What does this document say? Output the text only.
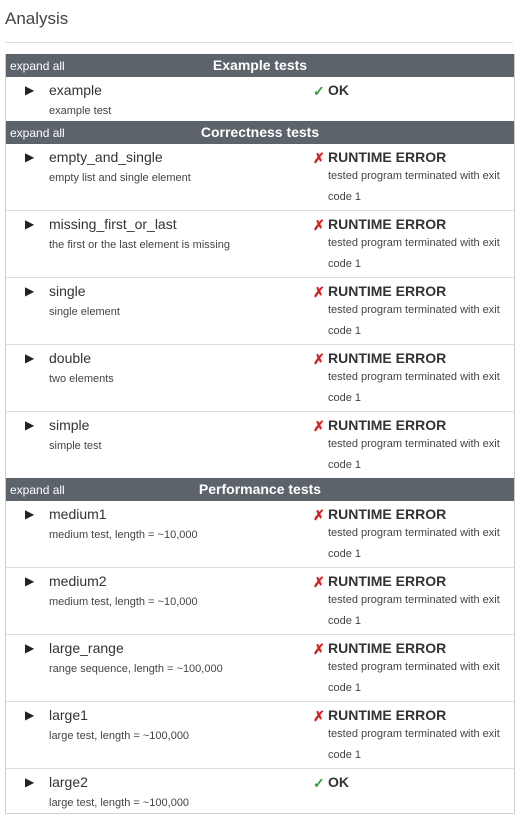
Analysis
expand all	Example tests
▶ example
example test
✓ OK
expand all	Correctness tests
▶ empty_and_single
empty list and single element
✗ RUNTIME ERROR
tested program terminated with exit code 1
▶ missing_first_or_last
the first or the last element is missing
✗ RUNTIME ERROR
tested program terminated with exit code 1
▶ single
single element
✗ RUNTIME ERROR
tested program terminated with exit code 1
▶ double
two elements
✗ RUNTIME ERROR
tested program terminated with exit code 1
▶ simple
simple test
✗ RUNTIME ERROR
tested program terminated with exit code 1
expand all	Performance tests
▶ medium1
medium test, length = ~10,000
✗ RUNTIME ERROR
tested program terminated with exit code 1
▶ medium2
medium test, length = ~10,000
✗ RUNTIME ERROR
tested program terminated with exit code 1
▶ large_range
range sequence, length = ~100,000
✗ RUNTIME ERROR
tested program terminated with exit code 1
▶ large1
large test, length = ~100,000
✗ RUNTIME ERROR
tested program terminated with exit code 1
▶ large2
large test, length = ~100,000
✓ OK
